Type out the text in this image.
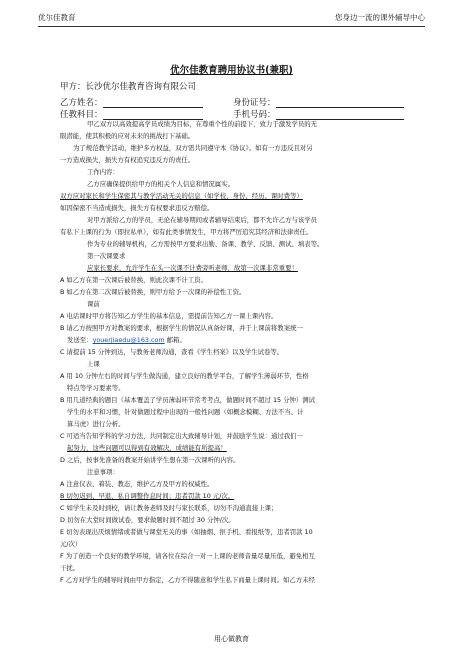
优尔佳教育	您身边一流的课外辅导中心
优尔佳教育聘用协议书(兼职)
甲方：长沙优尔佳教育咨询有限公司
乙方姓名：	身份证号：
任教科目：	手机号码：

甲乙双方以高效提高学员成绩为目标，在尊重个性的前提下，致力于激发学员的无

限潜能，使其积极的应对未来的挑战打下基础。

为了规范教学活动，维护多方权益，双方需共同遵守本《协议》。如有一方违反且对另

一方造成损失，损失方有权追究违反方的责任。

工作内容：

乙方应确保提供给甲方的相关个人信息和情况属实。

双方应对家长和学生保密其与教学活动无关的信息（如学校、身份、经历、课时费等）

如因保密不当造成损失，损失方有权要求违反方赔偿。

对甲方派给乙方的学员，无论在辅导期间或者辅导结束后，都不允许乙方与该学员

有私下上课的行为（即拉私单），如有此类事情发生，甲方将严厉追究其经济和法律责任。

作为专业的辅导机构，乙方需按甲方要求出勤、备课、教学、反馈、测试、填表等。

第一次课要求

应家长要求，允许学生在头一次课不计费旁听老师，故第一次课非常重要！

A 如乙方在第一次课后被替换，则此次课不计工资。

B 如乙方在第二次课后被替换，则甲方给予一次课的补偿性工资。

课前

A 电话课时甲方将告知乙方学生的基本信息，需提前告知乙方一课上课内容。

B 请乙方按照甲方对教案的要求，根据学生的情况认真备好课，并于上课前将教案统一

发送至：youerjiaedu@163.com 邮箱。

C 请提前 15 分钟到达，与教务老师沟通，查看《学生档案》以及学生试卷等。

上课

A 用 10 分钟左右的时间与学生做沟通，建立良好的教学平台，了解学生薄弱环节，性格

特点等学习要素等。

B 用几道经典的题目（基本覆盖了学员薄弱环节常考考点，做题时间不超过 15 分钟）测试

学生的水平和习惯，针对做题过程中出现的一般性问题（如概念模糊、方法不当、计

算马虎）进行分析。

C 可适当告知学科的学习方法，共同制定出大致辅导计划，并鼓励学生说：通过我们一

起努力，这些问题可以得到有效解决，成绩能有所提高！

D 之后，按事先准备的教案开始讲学生想在第一次课听的内容。

注意事项：

A 注意仪表、着装、教态，维护乙方及甲方的权威性。

B 切勿迟到、早退、私自调整作息时间；违者罚款 10 元/次。

C 如学生未及时到校，请让教务老师及时与家长联系，切勿不沟通直接上课；

D 切勿在大堂时间做试卷，要求做题时间不超过 30 分钟/次。

E 切勿表现出厌烦情绪或者做与课堂无关的事（如抽烟、抠手机、看报纸等，违者罚款 10

元/次）

F 为了创造一个良好的教学环境，请各位在综合一对一上课的老师音量尽量压低，避免相互

干扰。

F 乙方对学生的辅导时间由甲方指定，乙方不得随意和学生私下商量上课时间。如乙方未经

用心做教育
